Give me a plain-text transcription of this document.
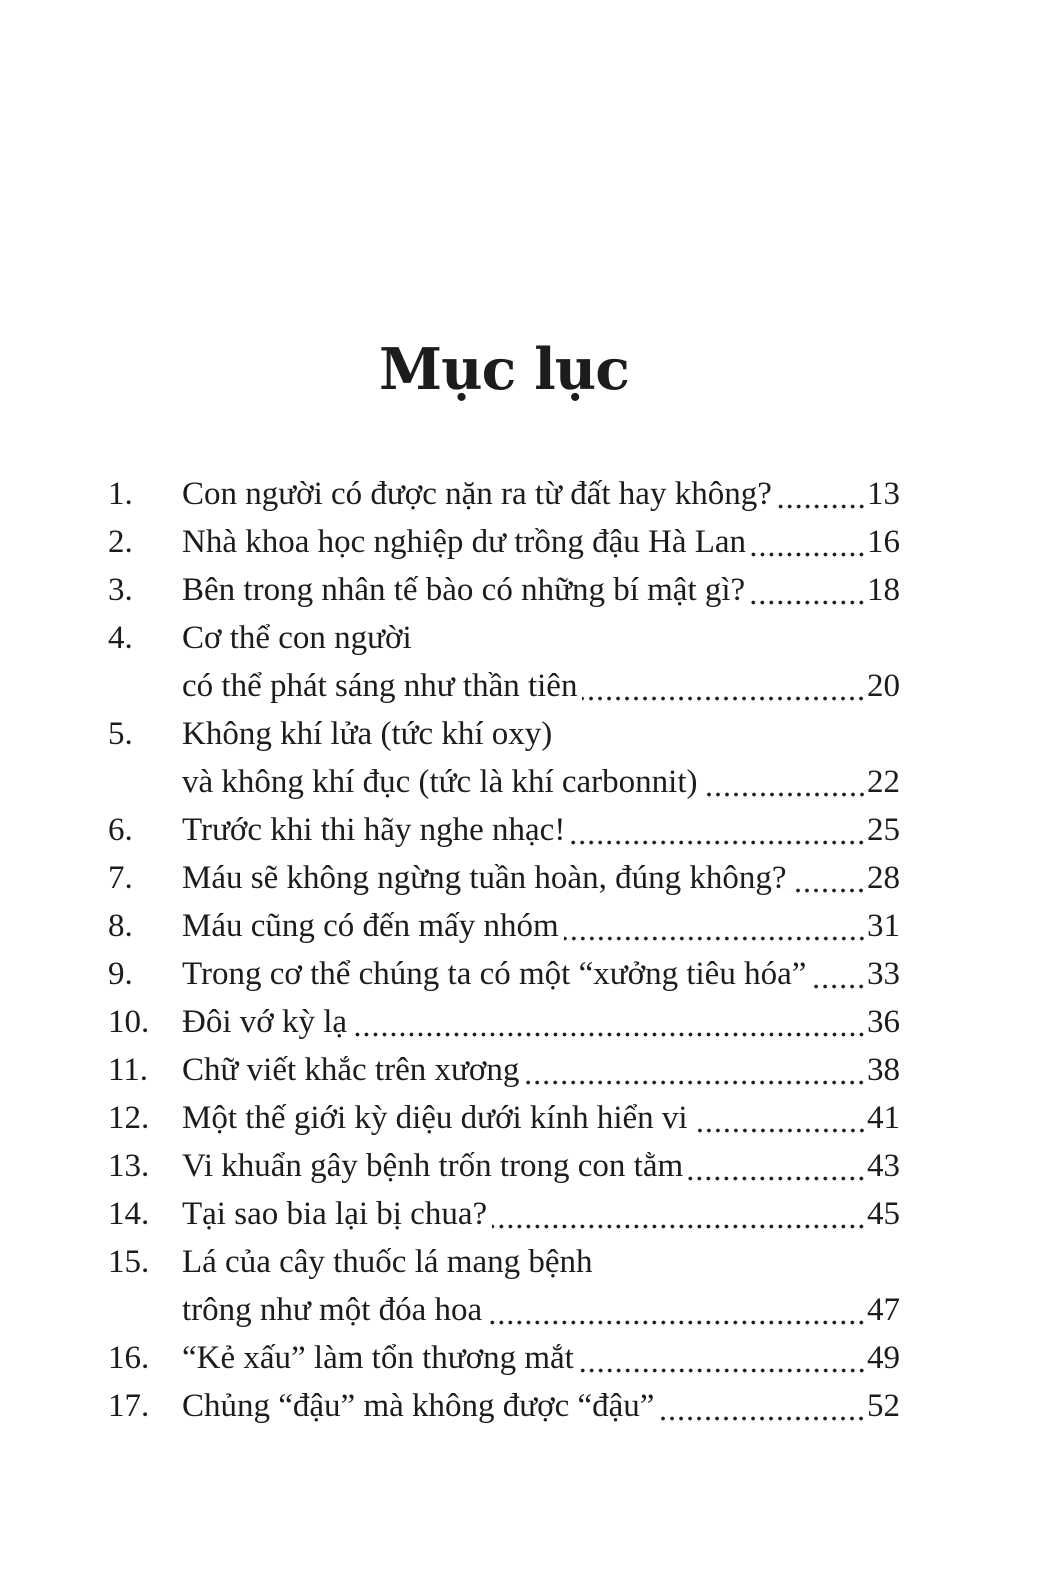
Mục lục
1.	Con người có được nặn ra từ đất hay không?	13
2.	Nhà khoa học nghiệp dư trồng đậu Hà Lan	16
3.	Bên trong nhân tế bào có những bí mật gì?	18
4.	Cơ thể con người
có thể phát sáng như thần tiên	20
5.	Không khí lửa (tức khí oxy)
và không khí đục (tức là khí carbonnit)	22
6.	Trước khi thi hãy nghe nhạc!	25
7.	Máu sẽ không ngừng tuần hoàn, đúng không? 28
8.	Máu cũng có đến mấy nhóm	31
9.	Trong cơ thể chúng ta có một “xưởng tiêu hóa” 33
10. Đôi vớ kỳ lạ	36
11.	Chữ viết khắc trên xương	38
12. Một thế giới kỳ diệu dưới kính hiển vi	41
13. Vi khuẩn gây bệnh trốn trong con tằm	43
14. Tại sao bia lại bị chua?	45
15. Lá của cây thuốc lá mang bệnh
trông như một đóa hoa	47
16. “Kẻ xấu” làm tổn thương mắt	49
17. Chủng “đậu” mà không được “đậu”	52
